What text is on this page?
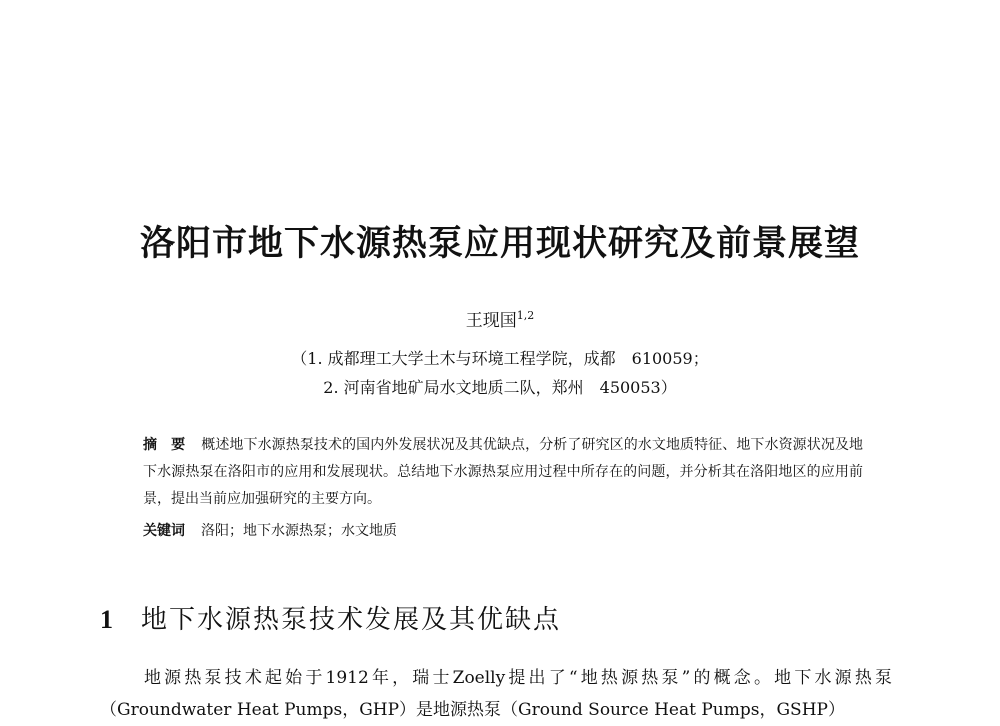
洛阳市地下水源热泵应用现状研究及前景展望
王现国$^{1,2}$
（1. 成都理工大学土木与环境工程学院，成都　610059；
2. 河南省地矿局水文地质二队，郑州　450053）
摘　要 概述地下水源热泵技术的国内外发展状况及其优缺点，分析了研究区的水文地质特征、地下水资源状况及地下水源热泵在洛阳市的应用和发展现状。总结地下水源热泵应用过程中所存在的问题，并分析其在洛阳地区的应用前景，提出当前应加强研究的主要方向。
关键词 洛阳；地下水源热泵；水文地质
1 地下水源热泵技术发展及其优缺点
地源热泵技术起始于1912年，瑞士Zoelly提出了“地热源热泵”的概念。地下水源热泵（Groundwater Heat Pumps，GHP）是地源热泵（Ground Source Heat Pumps，GSHP）
